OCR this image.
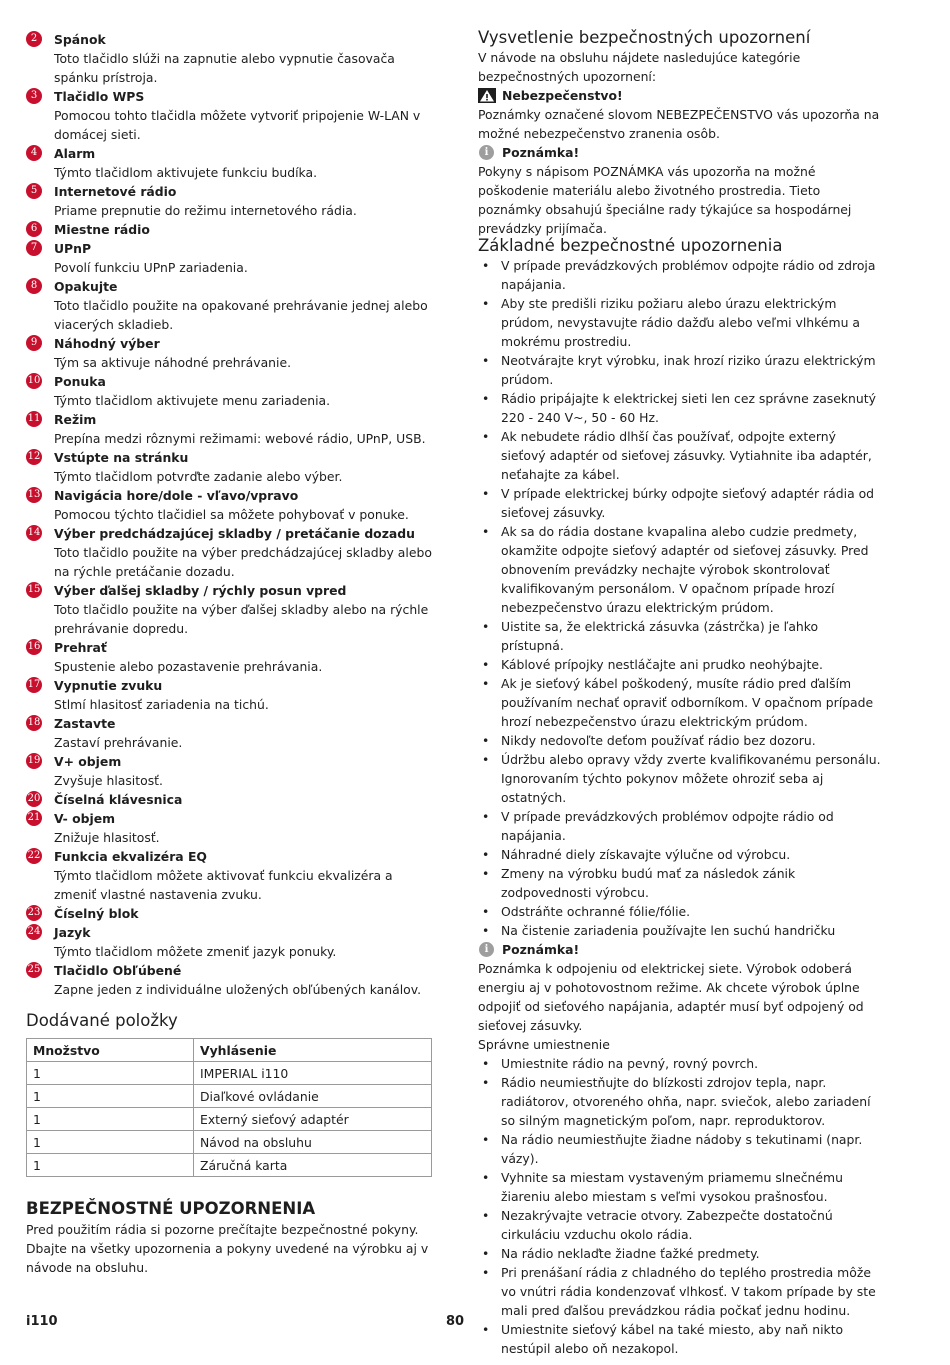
2	Spánok
Toto tlačidlo slúži na zapnutie alebo vypnutie časovača spánku prístroja.
3	Tlačidlo WPS
Pomocou tohto tlačidla môžete vytvoriť pripojenie W-LAN v domácej sieti.
4	Alarm
Týmto tlačidlom aktivujete funkciu budíka.
5	Internetové rádio
Priame prepnutie do režimu internetového rádia.
6	Miestne rádio
7	UPnP
Povolí funkciu UPnP zariadenia.
8	Opakujte
Toto tlačidlo použite na opakované prehrávanie jednej alebo viacerých skladieb.
9	Náhodný výber
Tým sa aktivuje náhodné prehrávanie.
10 Ponuka
Týmto tlačidlom aktivujete menu zariadenia.
11 Režim
Prepína medzi rôznymi režimami: webové rádio, UPnP, USB.
12 Vstúpte na stránku
Týmto tlačidlom potvrďte zadanie alebo výber.
13 Navigácia hore/dole - vľavo/vpravo
Pomocou týchto tlačidiel sa môžete pohybovať v ponuke.
14 Výber predchádzajúcej skladby / pretáčanie dozadu
Toto tlačidlo použite na výber predchádzajúcej skladby alebo na rýchle pretáčanie dozadu.
15 Výber ďalšej skladby / rýchly posun vpred
Toto tlačidlo použite na výber ďalšej skladby alebo na rýchle prehrávanie dopredu.
16 Prehrať
Spustenie alebo pozastavenie prehrávania.
17 Vypnutie zvuku
Stlmí hlasitosť zariadenia na tichú.
18 Zastavte
Zastaví prehrávanie.
19 V+ objem
Zvyšuje hlasitosť.
20 Číselná klávesnica
21 V- objem
Znižuje hlasitosť.
22 Funkcia ekvalizéra EQ
Týmto tlačidlom môžete aktivovať funkciu ekvalizéra a zmeniť vlastné nastavenia zvuku.
23 Číselný blok
24 Jazyk
Týmto tlačidlom môžete zmeniť jazyk ponuky.
25 Tlačidlo Obľúbené
Zapne jeden z individuálne uložených obľúbených kanálov.
Dodávané položky
Množstvo	Vyhlásenie
1	IMPERIAL i110
1	Diaľkové ovládanie
1	Externý sieťový adaptér
1	Návod na obsluhu
1	Záručná karta
BEZPEČNOSTNÉ UPOZORNENIA

Pred použitím rádia si pozorne prečítajte bezpečnostné pokyny. Dbajte na všetky upozornenia a pokyny uvedené na výrobku aj v návode na obsluhu.

i110	80
Vysvetlenie bezpečnostných upozornení

V návode na obsluhu nájdete nasledujúce kategórie bezpečnostných upozornení:

Nebezpečenstvo!

Poznámky označené slovom NEBEZPEČENSTVO vás upozorňa na možné nebezpečenstvo zranenia osôb.

i	Poznámka!

Pokyny s nápisom POZNÁMKA vás upozorňa na možné poškodenie materiálu alebo životného prostredia. Tieto poznámky obsahujú špeciálne rady týkajúce sa hospodárnej prevádzky prijímača.

Základné bezpečnostné upozornenia
• V prípade prevádzkových problémov odpojte rádio od zdroja napájania.
• Aby ste predišli riziku požiaru alebo úrazu elektrickým prúdom, nevystavujte rádio dažďu alebo veľmi vlhkému a mokrému prostrediu.
• Neotvárajte kryt výrobku, inak hrozí riziko úrazu elektrickým prúdom.
• Rádio pripájajte k elektrickej sieti len cez správne zaseknutý 220 - 240 V~, 50 - 60 Hz.
• Ak nebudete rádio dlhší čas používať, odpojte externý sieťový adaptér od sieťovej zásuvky. Vytiahnite iba adaptér, neťahajte za kábel.
• V prípade elektrickej búrky odpojte sieťový adaptér rádia od sieťovej zásuvky.
• Ak sa do rádia dostane kvapalina alebo cudzie predmety, okamžite odpojte sieťový adaptér od sieťovej zásuvky. Pred obnovením prevádzky nechajte výrobok skontrolovať kvalifikovaným personálom. V opačnom prípade hrozí nebezpečenstvo úrazu elektrickým prúdom.
• Uistite sa, že elektrická zásuvka (zástrčka) je ľahko prístupná.
• Káblové prípojky nestláčajte ani prudko neohýbajte.
• Ak je sieťový kábel poškodený, musíte rádio pred ďalším používaním nechať opraviť odborníkom. V opačnom prípade hrozí nebezpečenstvo úrazu elektrickým prúdom.
• Nikdy nedovoľte deťom používať rádio bez dozoru.
• Údržbu alebo opravy vždy zverte kvalifikovanému personálu. Ignorovaním týchto pokynov môžete ohroziť seba aj ostatných.
• V prípade prevádzkových problémov odpojte rádio od napájania.
• Náhradné diely získavajte výlučne od výrobcu.
• Zmeny na výrobku budú mať za následok zánik zodpovednosti výrobcu.
• Odstráňte ochranné fólie/fólie.
• Na čistenie zariadenia používajte len suchú handričku
i	Poznámka!

Poznámka k odpojeniu od elektrickej siete. Výrobok odoberá energiu aj v pohotovostnom režime. Ak chcete výrobok úplne odpojiť od sieťového napájania, adaptér musí byť odpojený od sieťovej zásuvky.

Správne umiestnenie

• Umiestnite rádio na pevný, rovný povrch.
• Rádio neumiestňujte do blízkosti zdrojov tepla, napr. radiátorov, otvoreného ohňa, napr. sviečok, alebo zariadení so silným magnetickým poľom, napr. reproduktorov.
• Na rádio neumiestňujte žiadne nádoby s tekutinami (napr. vázy).
• Vyhnite sa miestam vystaveným priamemu slnečnému žiareniu alebo miestam s veľmi vysokou prašnosťou.
• Nezakrývajte vetracie otvory. Zabezpečte dostatočnú cirkuláciu vzduchu okolo rádia.
• Na rádio neklaďte žiadne ťažké predmety.
• Pri prenášaní rádia z chladného do teplého prostredia môže vo vnútri rádia kondenzovať vlhkosť. V takom prípade by ste mali pred ďalšou prevádzkou rádia počkať jednu hodinu.
• Umiestnite sieťový kábel na také miesto, aby naň nikto nestúpil alebo oň nezakopol.
